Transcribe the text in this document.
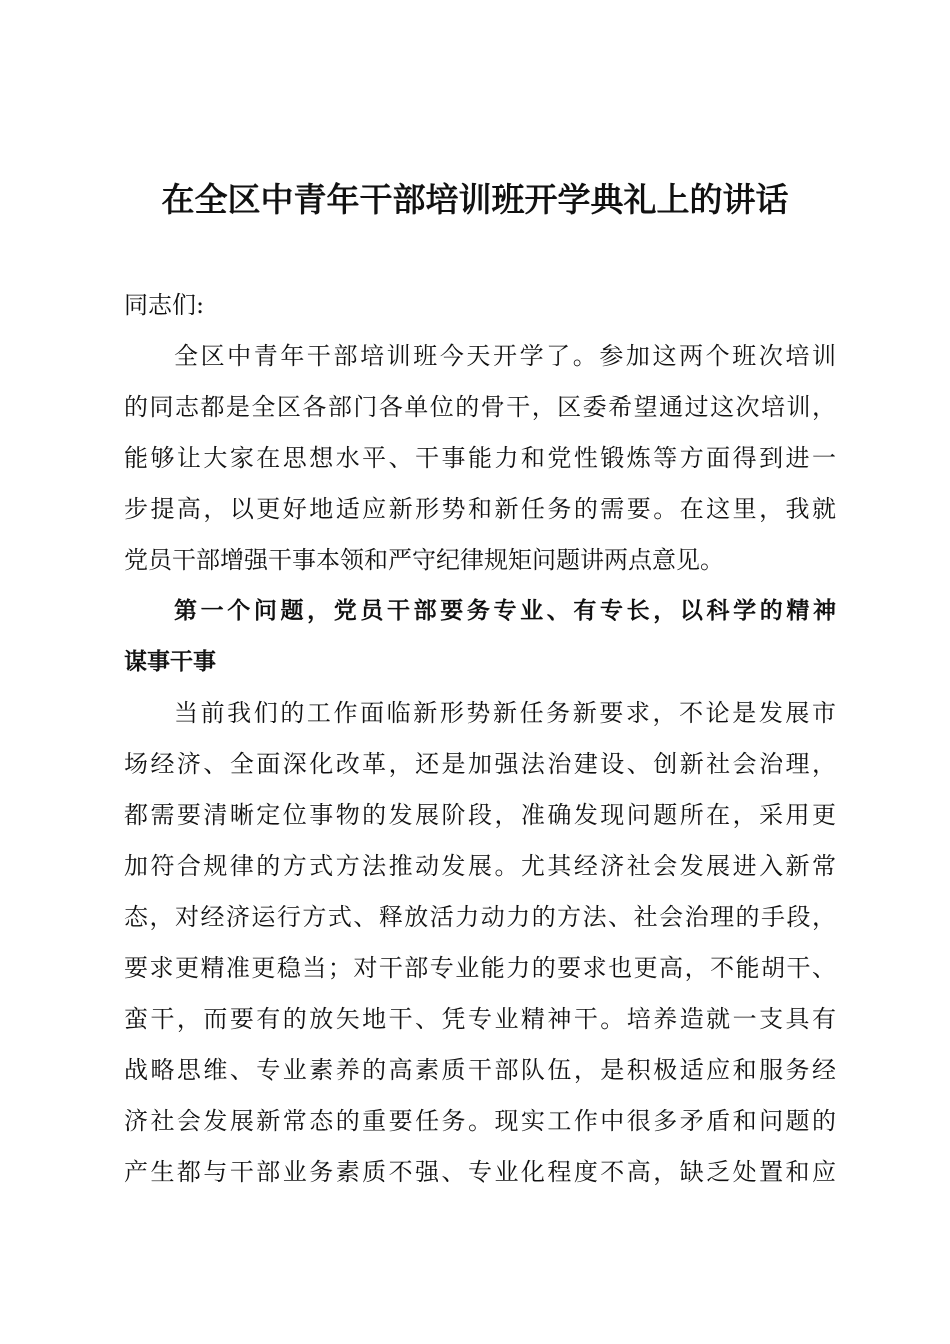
在全区中青年干部培训班开学典礼上的讲话
同志们:
全区中青年干部培训班今天开学了。参加这两个班次培训
的同志都是全区各部门各单位的骨干，区委希望通过这次培训，
能够让大家在思想水平、干事能力和党性锻炼等方面得到进一
步提高，以更好地适应新形势和新任务的需要。在这里，我就
党员干部增强干事本领和严守纪律规矩问题讲两点意见。
第一个问题，党员干部要务专业、有专长，以科学的精神
谋事干事
当前我们的工作面临新形势新任务新要求，不论是发展市
场经济、全面深化改革，还是加强法治建设、创新社会治理，
都需要清晰定位事物的发展阶段，准确发现问题所在，采用更
加符合规律的方式方法推动发展。尤其经济社会发展进入新常
态，对经济运行方式、释放活力动力的方法、社会治理的手段，
要求更精准更稳当；对干部专业能力的要求也更高，不能胡干、
蛮干，而要有的放矢地干、凭专业精神干。培养造就一支具有
战略思维、专业素养的高素质干部队伍，是积极适应和服务经
济社会发展新常态的重要任务。现实工作中很多矛盾和问题的
产生都与干部业务素质不强、专业化程度不高，缺乏处置和应
